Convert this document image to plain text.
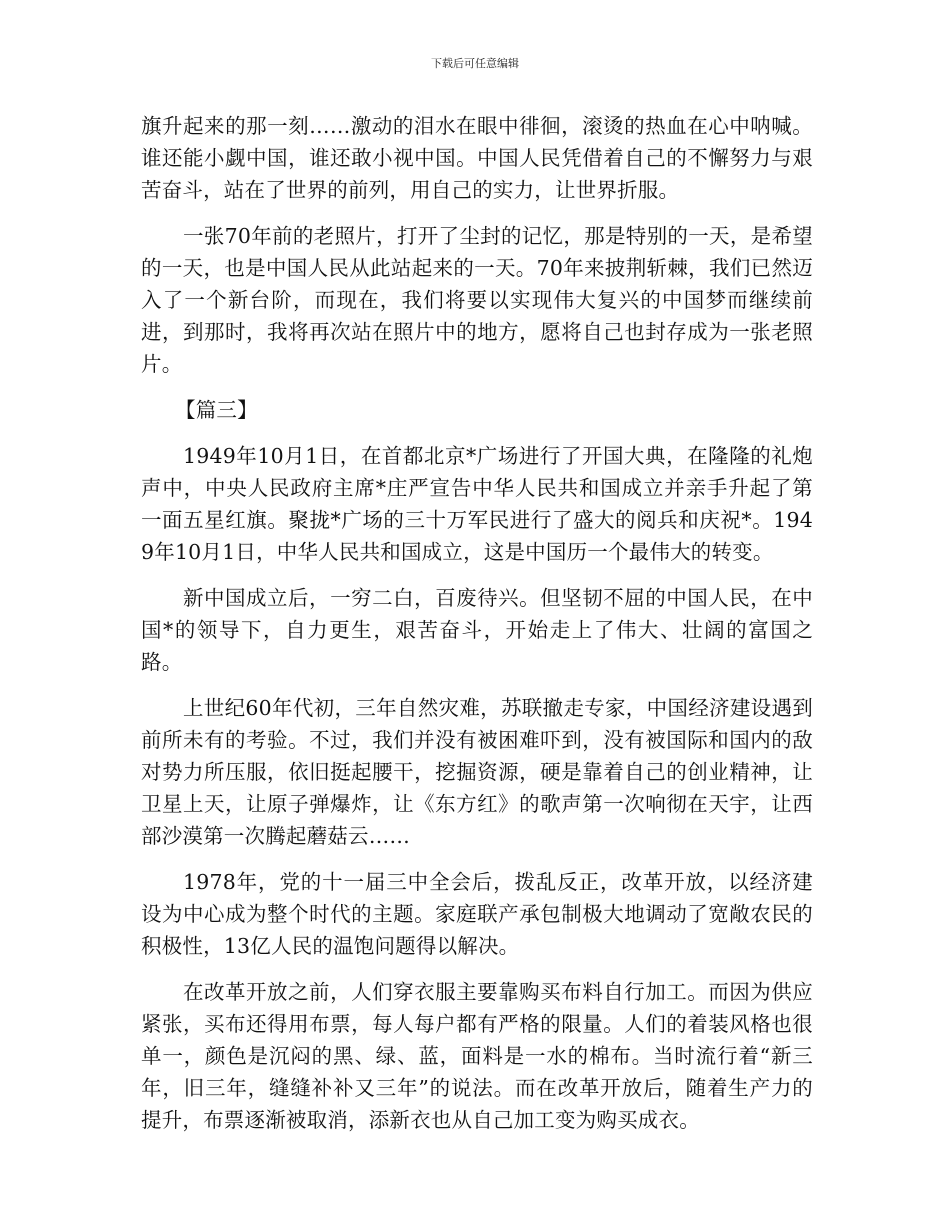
下载后可任意编辑

旗升起来的那一刻……激动的泪水在眼中徘徊，滚烫的热血在心中呐喊。谁还能小觑中国，谁还敢小视中国。中国人民凭借着自己的不懈努力与艰苦奋斗，站在了世界的前列，用自己的实力，让世界折服。

一张70年前的老照片，打开了尘封的记忆，那是特别的一天，是希望的一天，也是中国人民从此站起来的一天。70年来披荆斩棘，我们已然迈入了一个新台阶，而现在，我们将要以实现伟大复兴的中国梦而继续前进，到那时，我将再次站在照片中的地方，愿将自己也封存成为一张老照片。

【篇三】

1949年10月1日，在首都北京*广场进行了开国大典，在隆隆的礼炮声中，中央人民政府主席*庄严宣告中华人民共和国成立并亲手升起了第一面五星红旗。聚拢*广场的三十万军民进行了盛大的阅兵和庆祝*。1949年10月1日，中华人民共和国成立，这是中国历一个最伟大的转变。

新中国成立后，一穷二白，百废待兴。但坚韧不屈的中国人民，在中国*的领导下，自力更生，艰苦奋斗，开始走上了伟大、壮阔的富国之路。

上世纪60年代初，三年自然灾难，苏联撤走专家，中国经济建设遇到前所未有的考验。不过，我们并没有被困难吓到，没有被国际和国内的敌对势力所压服，依旧挺起腰干，挖掘资源，硬是靠着自己的创业精神，让卫星上天，让原子弹爆炸，让《东方红》的歌声第一次响彻在天宇，让西部沙漠第一次腾起蘑菇云……

1978年，党的十一届三中全会后，拨乱反正，改革开放，以经济建设为中心成为整个时代的主题。家庭联产承包制极大地调动了宽敞农民的积极性，13亿人民的温饱问题得以解决。

在改革开放之前，人们穿衣服主要靠购买布料自行加工。而因为供应紧张，买布还得用布票，每人每户都有严格的限量。人们的着装风格也很单一，颜色是沉闷的黑、绿、蓝，面料是一水的棉布。当时流行着“新三年，旧三年，缝缝补补又三年”的说法。而在改革开放后，随着生产力的提升，布票逐渐被取消，添新衣也从自己加工变为购买成衣。
